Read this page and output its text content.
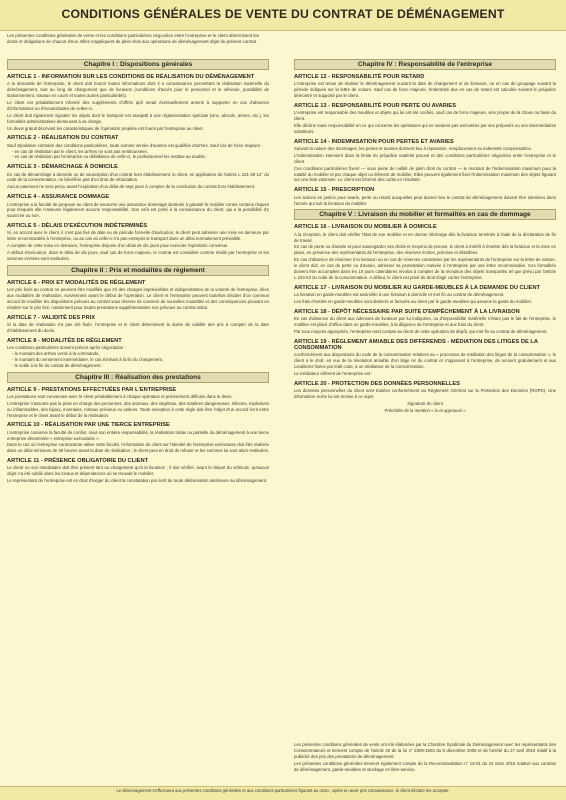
CONDITIONS GÉNÉRALES DE VENTE DU CONTRAT DE DÉMÉNAGEMENT
Les présentes conditions générales de vente et les conditions particulières négociées entre l'entreprise et le client déterminent les droits et obligations de chacun d'eux. Elles s'appliquent de plein droit aux opérations de déménagement objet du présent contrat.
Chapitre I : Dispositions générales
ARTICLE 1 - INFORMATION SUR LES CONDITIONS DE RÉALISATION DU DÉMÉNAGEMENT
A la demande de l'entreprise, le client doit fournir toutes informations dont il a connaissance permettant la réalisation matérielle du déménagement, tout au long de chargement que de livraison (conditions d'accès pour le personnel et le véhicule, possibilité de stationnement, travaux en cours et toutes autres particularités).
Le client est préalablement informé des suppléments chiffrés qu'il serait éventuellement amené à supporter en cas d'absence d'informations ou d'inexactitudes de celles-ci.
Le client doit également signaler les objets dont le transport est assujetti à une réglementation spéciale (vins, alcools, armes, etc.), les formalités administratives demeurant à sa charge.
Un devis gratuit décrivant les caractéristiques de l'opération projetée est fourni par l'entreprise au client.
ARTICLE 2 - RÉALISATION DU CONTRAT
Sauf stipulation contraire des conditions particulières, toute somme versée d'avance est qualifiée d'arrhes. Sauf cas de force majeure :
- en cas de résiliation par le client, les arrhes ne sont pas remboursées,
- en cas de résiliation par l'entreprise ou défaillance de celle-ci, le professionnel les restitue au double.
ARTICLE 3 - DÉMARCHAGE À DOMICILE
En cas de démarchage à domicile ou de souscription d'un contrat hors établissement, le client, en application de l'article L 221-28 12° du code de la consommation, ne bénéficie pas d'un droit de rétractation.
Aucun paiement ne sera perçu avant l'expiration d'un délai de sept jours à compter de la conclusion du contrat hors établissement.
ARTICLE 4 - ASSURANCE DOMMAGE
L'entreprise a la faculté de proposer au client de souscrire une assurance dommage destinée à garantir le mobilier contre certains risques pour lesquels elle n'assume légalement aucune responsabilité. Son coût est porté à la connaissance du client, qui a la possibilité d'y souscrire ou non.
ARTICLE 5 - DÉLAIS D'EXÉCUTION INDÉTERMINÉS
Si, en accord avec le client, il n'est pas fixé de date ou de période formelle d'exécution, le client peut adresser une mise en demeure par lettre recommandée à l'entreprise, ou au cas où celle-ci n'a pas entrepris le transport dans un délai normalement prévisible.
A compter de cette mise en demeure, l'entreprise dispose d'un délai de dix jours pour exécuter l'opération convenue.
A défaut d'exécution, dans le délai de dix jours, sauf cas de force majeure, le contrat est considéré comme résilié par l'entreprise et les sommes versées sont restituées.
Chapitre II : Prix et modalités de règlement
ARTICLE 6 - PRIX ET MODALITÉS DE RÈGLEMENT
Les prix fixés au contrat ne peuvent être modifiés que s'il des charges imprévisibles et indépendantes de la volonté de l'entreprise, liées aux modalités de réalisation, surviennent avant le début de l'opération. Le client et l'entreprise peuvent toutefois décider d'un commun accord de modifier les dispositions prévues au contrat sous réserve de convenir de nouvelles modalités et des conséquences pouvant en résulter sur le prix fixé, notamment pour toutes prestations supplémentaires non prévues au contrat initial.
ARTICLE 7 - VALIDITÉ DES PRIX
Si la date de réalisation n'a pas été fixée, l'entreprise et le client déterminent la durée de validité des prix à compter de la date d'établissement du devis.
ARTICLE 8 - MODALITÉS DE RÈGLEMENT
Les conditions particulières doivent prévoir après négociation :
- le montant des arrhes versé à la commande,
- le montant du versement intermédiaire, le cas échéant à la fin du chargement,
- le solde à la fin du contrat de déménagement.
Chapitre III : Réalisation des prestations
ARTICLE 9 - PRESTATIONS EFFECTUÉES PAR L'ENTREPRISE
Les prestations sont convenues avec le client préalablement à chaque opération et précisément définies dans le devis.
L'entreprise n'assume pas la prise en charge des personnes, des animaux, des végétaux, des matières dangereuses, infectes, explosives ou inflammables, des bijoux, monnaies, métaux précieux ou valeurs. Toute exception à cette règle doit être l'objet d'un accord écrit entre l'entreprise et le client avant le début de la réalisation.
ARTICLE 10 - RÉALISATION PAR UNE TIERCE ENTREPRISE
L'entreprise conserve la faculté de confier, sous son entière responsabilité, la réalisation totale ou partielle du déménagement à une tierce entreprise dénommée « entreprise exécutante ».
Dans le cas où l'entreprise contractante utilise cette faculté, l'information du client sur l'identité de l'entreprise exécutante doit être réalisée dans un délai minimum de 48 heures avant la date de réalisation ; le client peut en droit de refuser et les sommes lui sont alors restituées.
ARTICLE 11 - PRÉSENCE OBLIGATOIRE DU CLIENT
Le client ou son mandataire doit être présent tant au chargement qu'à la livraison ; il doit vérifier, avant le départ du véhicule, qu'aucun objet n'a été oublié dans les locaux et dépendances où se trouvait le mobilier.
Le représentant de l'entreprise est en droit d'exiger du client la constatation par écrit de toute détérioration antérieure au déménagement.
Chapitre IV : Responsabilité de l'entreprise
ARTICLE 12 - RESPONSABILITÉ POUR RETARD
L'entreprise est tenue de réaliser le déménagement suivant la date de chargement et de livraison, ou en cas de groupage suivant la période indiquée sur la lettre de voiture. Sauf cas de force majeure, l'indemnité due en cas de retard est calculée suivant le préjudice démontré et supporté par le client.
ARTICLE 13 - RESPONSABILITÉ POUR PERTE OU AVARIES
L'entreprise est responsable des meubles et objets qui lui ont été confiés, sauf cas de force majeure, vice propre de la chose ou faute du client.
Elle décline toute responsabilité en ce qui concerne les opérations qui ne seraient pas exécutées par ses préposés ou ses intermédiaires substitués.
ARTICLE 14 - INDEMNISATION POUR PERTES ET AVARIES
Suivant la nature des dommages, les pertes et avaries donnent lieu à réparation, remplacement ou indemnité compensatrice.
L'indemnisation intervient dans la limite du préjudice matériel prouvé et des conditions particulières négociées entre l'entreprise et le client.
Ces conditions particulières fixent — sous peine de nullité de plein droit du contrat — le montant de l'indemnisation maximum pour la totalité du mobilier et par chaque objet ou élément de mobilier. Elles peuvent également fixer l'indemnisation maximum des objets figurant sur une liste valorisée. Le client est informé des coûts en résultant.
ARTICLE 15 - PRESCRIPTION
Les actions en justice pour avarie, perte ou retard auxquelles peut donner lieu le contrat de déménagement doivent être intentées dans l'année qui suit la livraison du mobilier.
Chapitre V : Livraison du mobilier et formalités en cas de dommage
ARTICLE 16 - LIVRAISON DU MOBILIER À DOMICILE
A la réception, le client doit vérifier l'état de son mobilier et en donner décharge dès la livraison terminée à l'aide de la déclaration de fin de travail.
En cas de perte ou d'avarie et pour sauvegarder ses droits et moyens de preuve, le client a intérêt à émettre dès la livraison et la mise en place, en présence des représentants de l'entreprise, des réserves écrites, précises et détaillées.
En cas d'absence de réserves à la livraison ou en cas de réserves contestées par les représentants de l'entreprise sur la lettre de voiture, le client doit, en cas de perte ou d'avarie, adresser sa protestation motivée à l'entreprise par une lettre recommandée. Ces formalités doivent être accomplies dans les 10 jours calendaires révolus à compter de la réception des objets transportés tel que prévu par l'article L.224-63 du code de la consommation. A défaut, le client est privé du droit d'agir contre l'entreprise.
ARTICLE 17 - LIVRAISON DU MOBILIER AU GARDE-MEUBLES À LA DEMANDE DU CLIENT
La livraison en garde-meubles est assimilée à une livraison à domicile et met fin au contrat de déménagement.
Les frais d'entrée en garde-meubles sont distincts et facturés au client par le garde-meubles qui assume la garde du mobilier.
ARTICLE 18 - DÉPÔT NÉCESSAIRE PAR SUITE D'EMPÊCHEMENT À LA LIVRAISON
En cas d'absence du client aux adresses de livraison par lui indiquées, ou d'impossibilité matérielle n'étant pas le fait de l'entreprise, le mobilier est placé d'office dans un garde-meubles, à la diligence de l'entreprise et aux frais du client.
Par tous moyens appropriés, l'entreprise rend compte au client de cette opération de dépôt, qui met fin au contrat de déménagement.
ARTICLE 19 - RÈGLEMENT AMIABLE DES DIFFÉRENDS - MÉDIATION DES LITIGES DE LA CONSOMMATION
Conformément aux dispositions du code de la consommation relatives au « processus de médiation des litiges de la consommation », le client a le droit, en vue de la résolution amiable d'un litige né du contrat et s'opposant à l'entreprise, de recourir gratuitement et aux conditions fixées par ledit code, à un médiateur de la consommation.
Le médiateur référent de l'entreprise est :
ARTICLE 20 - PROTECTION DES DONNÉES PERSONNELLES
Les données personnelles du client sont traitées conformément au Règlement Général sur la Protection des Données (RGPD). Une information écrite lui est remise à ce sujet.
Signature du client
Précédée de la mention « lu et approuvé »
Les présentes conditions générales de vente ont été élaborées par la Chambre Syndicale du Déménagement avec les représentants des Consommateurs et tiennent compte de l'article 40 de la loi n° 2009-1503 du 8 décembre 2009 et de l'arrêté du 27 avril 2010 relatif à la publicité des prix des prestations de déménagement.
Les présentes conditions générales tiennent également compte de la Recommandation n° 16-01 du 24 mars 2016 relative aux contrats de déménagement, garde-meubles et stockage en libre-service.
Le déménagement s'effectuera aux présentes conditions générales et aux conditions particulières figurant au recto ; après en avoir pris connaissance, le client déclare les accepter.
